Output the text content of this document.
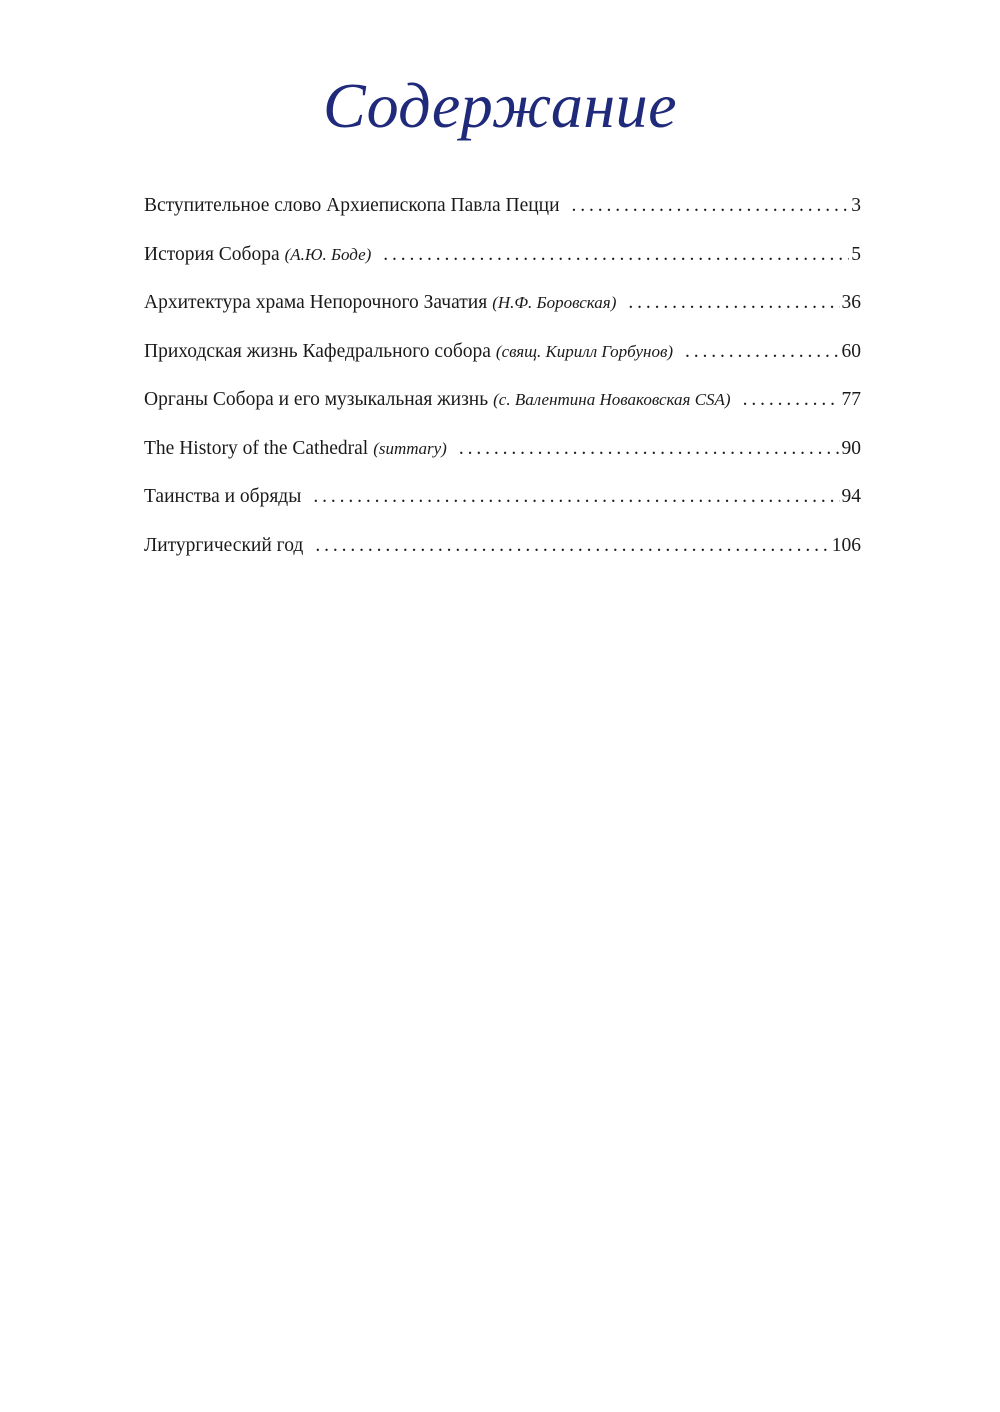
Содержание
Вступительное слово Архиепископа Павла Пецци . . .	3
История Собора (А.Ю. Боде) . . .	5
Архитектура храма Непорочного Зачатия (Н.Ф. Боровская) . . .	36
Приходская жизнь Кафедрального собора (свящ. Кирилл Горбунов) . . .	60
Органы Собора и его музыкальная жизнь (с. Валентина Новаковская CSA) . . .	77
The History of the Cathedral (summary) . . .	90
Таинства и обряды . . .	94
Литургический год . . .	106
